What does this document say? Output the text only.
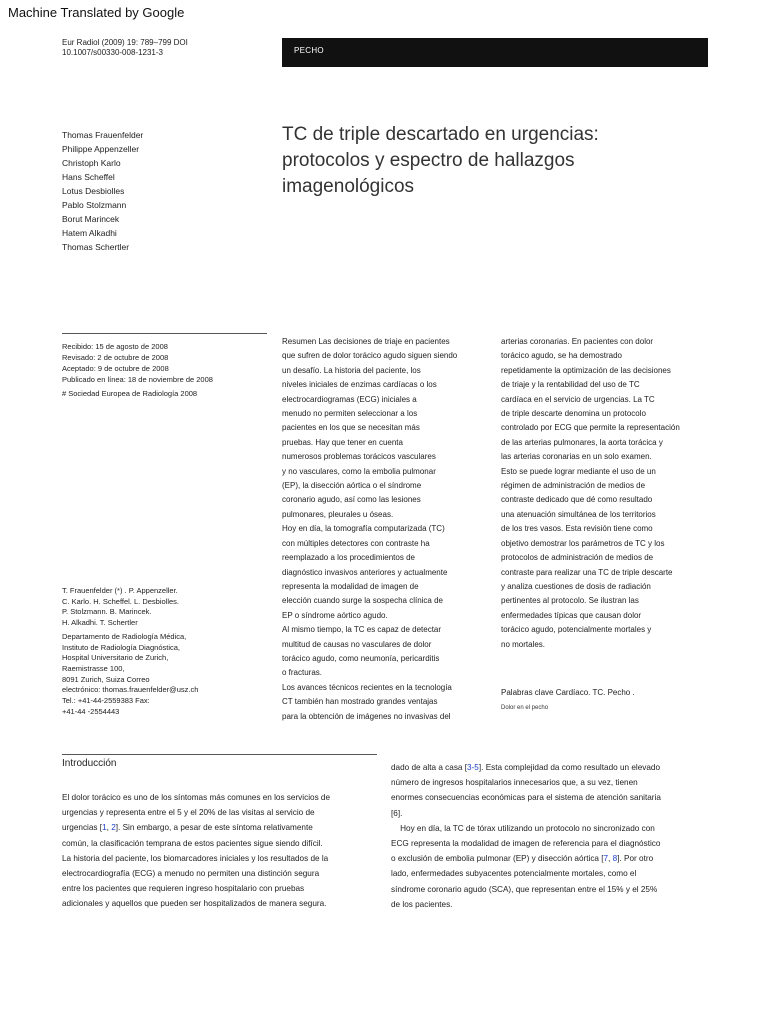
Machine Translated by Google
Eur Radiol (2009) 19: 789–799 DOI
10.1007/s00330-008-1231-3	PECHO
Thomas Frauenfelder
Philippe Appenzeller
Christoph Karlo
Hans Scheffel
Lotus Desbiolles
Pablo Stolzmann
Borut Marincek
Hatem Alkadhi
Thomas Schertler
TC de triple descartado en urgencias:
protocolos y espectro de hallazgos
imagenológicos
Recibido: 15 de agosto de 2008
Revisado: 2 de octubre de 2008
Aceptado: 9 de octubre de 2008
Publicado en línea: 18 de noviembre de 2008
# Sociedad Europea de Radiología 2008
Resumen Las decisiones de triaje en pacientes
que sufren de dolor torácico agudo siguen siendo
un desafío. La historia del paciente, los
niveles iniciales de enzimas cardíacas o los
electrocardiogramas (ECG) iniciales a
menudo no permiten seleccionar a los
pacientes en los que se necesitan más
pruebas. Hay que tener en cuenta
numerosos problemas torácicos vasculares
y no vasculares, como la embolia pulmonar
(EP), la disección aórtica o el síndrome
coronario agudo, así como las lesiones
pulmonares, pleurales u óseas.
Hoy en día, la tomografía computarizada (TC)
con múltiples detectores con contraste ha
reemplazado a los procedimientos de
diagnóstico invasivos anteriores y actualmente
representa la modalidad de imagen de
elección cuando surge la sospecha clínica de
EP o síndrome aórtico agudo.
Al mismo tiempo, la TC es capaz de detectar
multitud de causas no vasculares de dolor
torácico agudo, como neumonía, pericarditis
o fracturas.
Los avances técnicos recientes en la tecnología
CT también han mostrado grandes ventajas
para la obtención de imágenes no invasivas del
arterias coronarias. En pacientes con dolor
torácico agudo, se ha demostrado
repetidamente la optimización de las decisiones
de triaje y la rentabilidad del uso de TC
cardíaca en el servicio de urgencias. La TC
de triple descarte denomina un protocolo
controlado por ECG que permite la representación
de las arterias pulmonares, la aorta torácica y
las arterias coronarias en un solo examen.
Esto se puede lograr mediante el uso de un
régimen de administración de medios de
contraste dedicado que dé como resultado
una atenuación simultánea de los territorios
de los tres vasos. Esta revisión tiene como
objetivo demostrar los parámetros de TC y los
protocolos de administración de medios de
contraste para realizar una TC de triple descarte
y analiza cuestiones de dosis de radiación
pertinentes al protocolo. Se ilustran las
enfermedades típicas que causan dolor
torácico agudo, potencialmente mortales y
no mortales.
T. Frauenfelder (*) . P. Appenzeller.
C. Karlo. H. Scheffel. L. Desbiolles.
P. Stolzmann. B. Marincek.
H. Alkadhi. T. Schertler
Departamento de Radiología Médica,
Instituto de Radiología Diagnóstica,
Hospital Universitario de Zurich,
Raemistrasse 100,
8091 Zurich, Suiza Correo
electrónico: thomas.frauenfelder@usz.ch
Tel.: +41-44-2559383 Fax:
+41-44 -2554443
Palabras clave Cardíaco. TC. Pecho .
Dolor en el pecho
Introducción
El dolor torácico es uno de los síntomas más comunes en los servicios de
urgencias y representa entre el 5 y el 20% de las visitas al servicio de
urgencias [1, 2]. Sin embargo, a pesar de este síntoma relativamente
común, la clasificación temprana de estos pacientes sigue siendo difícil.
La historia del paciente, los biomarcadores iniciales y los resultados de la
electrocardiografía (ECG) a menudo no permiten una distinción segura
entre los pacientes que requieren ingreso hospitalario con pruebas
adicionales y aquellos que pueden ser hospitalizados de manera segura.
dado de alta a casa [3-5]. Esta complejidad da como resultado un elevado
número de ingresos hospitalarios innecesarios que, a su vez, tienen
enormes consecuencias económicas para el sistema de atención sanitaria
[6].
Hoy en día, la TC de tórax utilizando un protocolo no sincronizado con
ECG representa la modalidad de imagen de referencia para el diagnóstico
o exclusión de embolia pulmonar (EP) y disección aórtica [7, 8]. Por otro
lado, enfermedades subyacentes potencialmente mortales, como el
síndrome coronario agudo (SCA), que representan entre el 15% y el 25%
de los pacientes.
